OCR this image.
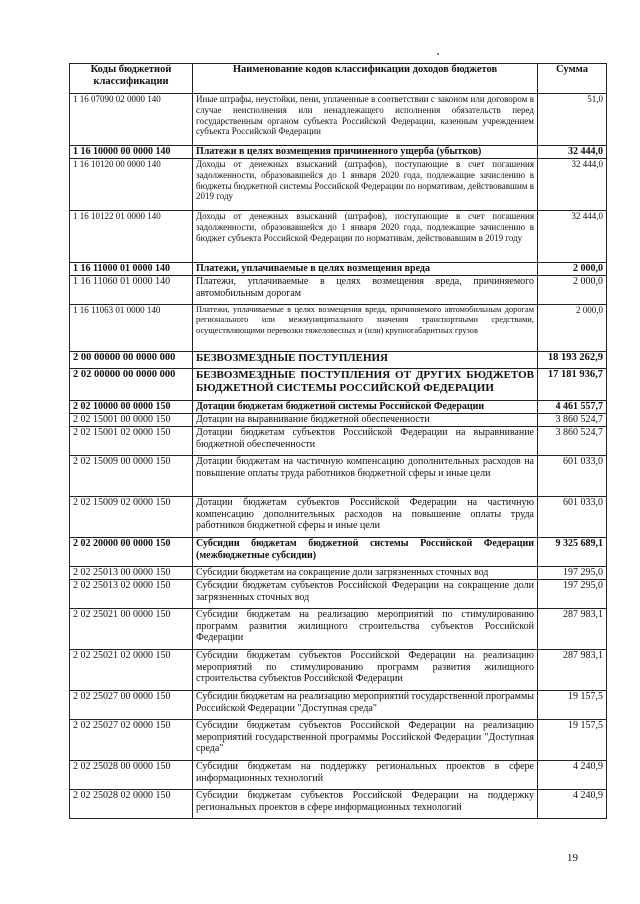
Коды бюджетной классификации	Наименование кодов классификации доходов бюджетов	Сумма
1 16 07090 02 0000 140	Иные штрафы, неустойки, пени, уплаченные в соответствии с законом или договором в случае неисполнения или ненадлежащего исполнения обязательств перед государственным органом субъекта Российской Федерации, казенным учреждением субъекта Российской Федерации	51,0
1 16 10000 00 0000 140	Платежи в целях возмещения причиненного ущерба (убытков)	32 444,0
1 16 10120 00 0000 140	Доходы от денежных взысканий (штрафов), поступающие в счет погашения задолженности, образовавшейся до 1 января 2020 года, подлежащие зачислению в бюджеты бюджетной системы Российской Федерации по нормативам, действовавшим в 2019 году	32 444,0
1 16 10122 01 0000 140	Доходы от денежных взысканий (штрафов), поступающие в счет погашения задолженности, образовавшейся до 1 января 2020 года, подлежащие зачислению в бюджет субъекта Российской Федерации по нормативам, действовавшим в 2019 году	32 444,0
1 16 11000 01 0000 140	Платежи, уплачиваемые в целях возмещения вреда	2 000,0
1 16 11060 01 0000 140	Платежи, уплачиваемые в целях возмещения вреда, причиняемого автомобильным дорогам	2 000,0
1 16 11063 01 0000 140	Платежи, уплачиваемые в целях возмещения вреда, причиняемого автомобильным дорогам регионального или межмуниципального значения транспортными средствами, осуществляющими перевозки тяжеловесных и (или) крупногабаритных грузов	2 000,0
2 00 00000 00 0000 000	БЕЗВОЗМЕЗДНЫЕ ПОСТУПЛЕНИЯ	18 193 262,9
2 02 00000 00 0000 000	БЕЗВОЗМЕЗДНЫЕ ПОСТУПЛЕНИЯ ОТ ДРУГИХ БЮДЖЕТОВ БЮДЖЕТНОЙ СИСТЕМЫ РОССИЙСКОЙ ФЕДЕРАЦИИ	17 181 936,7
2 02 10000 00 0000 150	Дотации бюджетам бюджетной системы Российской Федерации	4 461 557,7
2 02 15001 00 0000 150	Дотации на выравнивание бюджетной обеспеченности	3 860 524,7
2 02 15001 02 0000 150	Дотации бюджетам субъектов Российской Федерации на выравнивание бюджетной обеспеченности	3 860 524,7
2 02 15009 00 0000 150	Дотации бюджетам на частичную компенсацию дополнительных расходов на повышение оплаты труда работников бюджетной сферы и иные цели	601 033,0
2 02 15009 02 0000 150	Дотации бюджетам субъектов Российской Федерации на частичную компенсацию дополнительных расходов на повышение оплаты труда работников бюджетной сферы и иные цели	601 033,0
2 02 20000 00 0000 150	Субсидии бюджетам бюджетной системы Российской Федерации (межбюджетные субсидии)	9 325 689,1
2 02 25013 00 0000 150	Субсидии бюджетам на сокращение доли загрязненных сточных вод	197 295,0
2 02 25013 02 0000 150	Субсидии бюджетам субъектов Российской Федерации на сокращение доли загрязненных сточных вод	197 295,0
2 02 25021 00 0000 150	Субсидии бюджетам на реализацию мероприятий по стимулированию программ развития жилищного строительства субъектов Российской Федерации	287 983,1
2 02 25021 02 0000 150	Субсидии бюджетам субъектов Российской Федерации на реализацию мероприятий по стимулированию программ развития жилищного строительства субъектов Российской Федерации	287 983,1
2 02 25027 00 0000 150	Субсидии бюджетам на реализацию мероприятий государственной программы Российской Федерации "Доступная среда"	19 157,5
2 02 25027 02 0000 150	Субсидии бюджетам субъектов Российской Федерации на реализацию мероприятий государственной программы Российской Федерации "Доступная среда"	19 157,5
2 02 25028 00 0000 150	Субсидии бюджетам на поддержку региональных проектов в сфере информационных технологий	4 240,9
2 02 25028 02 0000 150	Субсидии бюджетам субъектов Российской Федерации на поддержку региональных проектов в сфере информационных технологий	4 240,9
19
